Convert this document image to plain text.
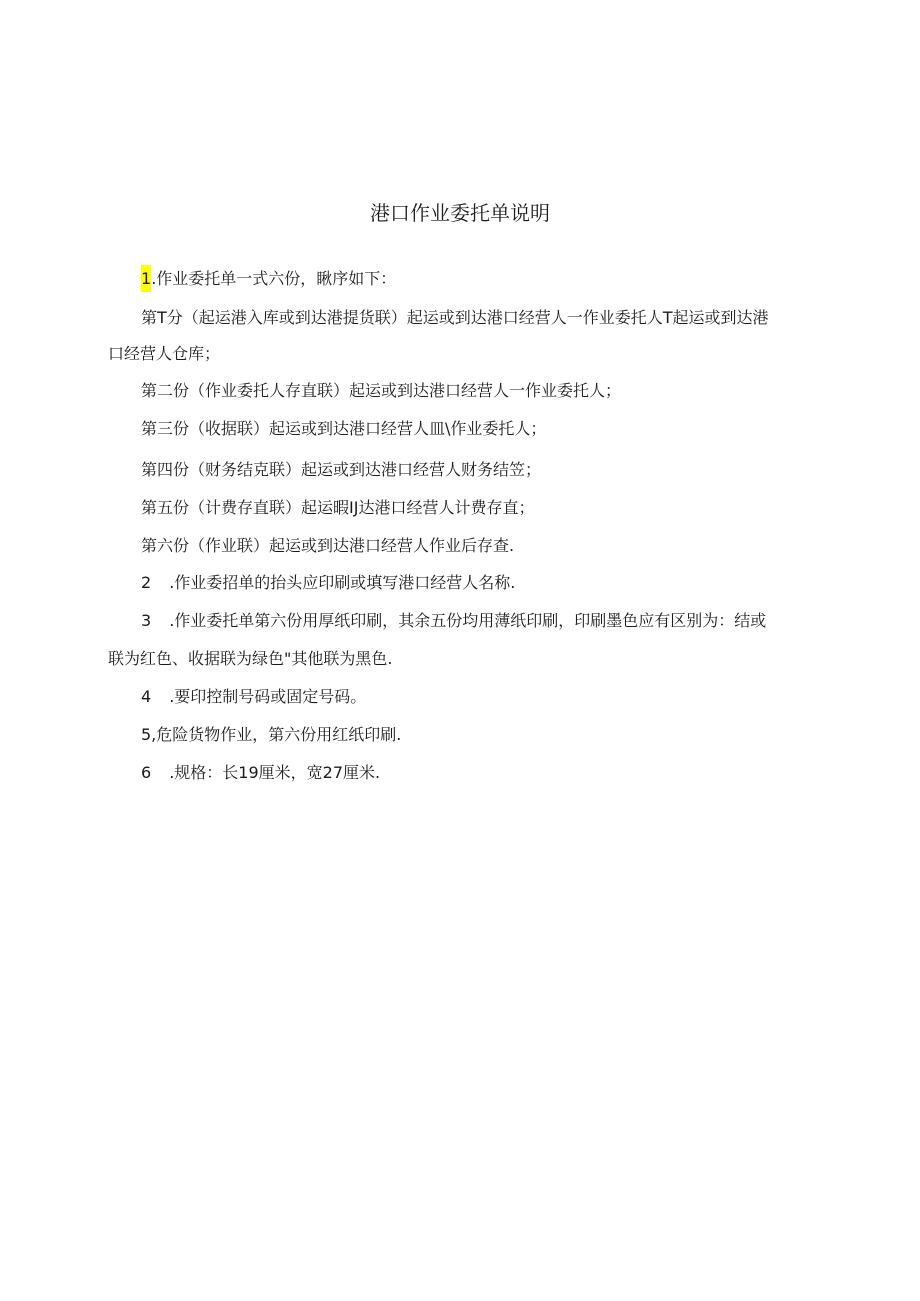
港口作业委托单说明
1.作业委托单一式六份，瞅序如下：
第T分（起运港入库或到达港提货联）起运或到达港口经营人一作业委托人T起运或到达港
口经营人仓库；
第二份（作业委托人存直联）起运或到达港口经营人一作业委托人；
第三份（收据联）起运或到达港口经营人皿\作业委托人；
第四份（财务结克联）起运或到达港口经营人财务结笠；
第五份（计费存直联）起运暇IJ达港口经营人计费存直；
第六份（作业联）起运或到达港口经营人作业后存查.
2 .作业委招单的抬头应印刷或填写港口经营人名称.
3 .作业委托单第六份用厚纸印刷，其余五份均用薄纸印刷，印刷墨色应有区别为：结或
联为红色、收据联为绿色"其他联为黑色.
4 .要印控制号码或固定号码。
5,危险货物作业，第六份用红纸印刷.
6 .规格：长19厘米，宽27厘米.
